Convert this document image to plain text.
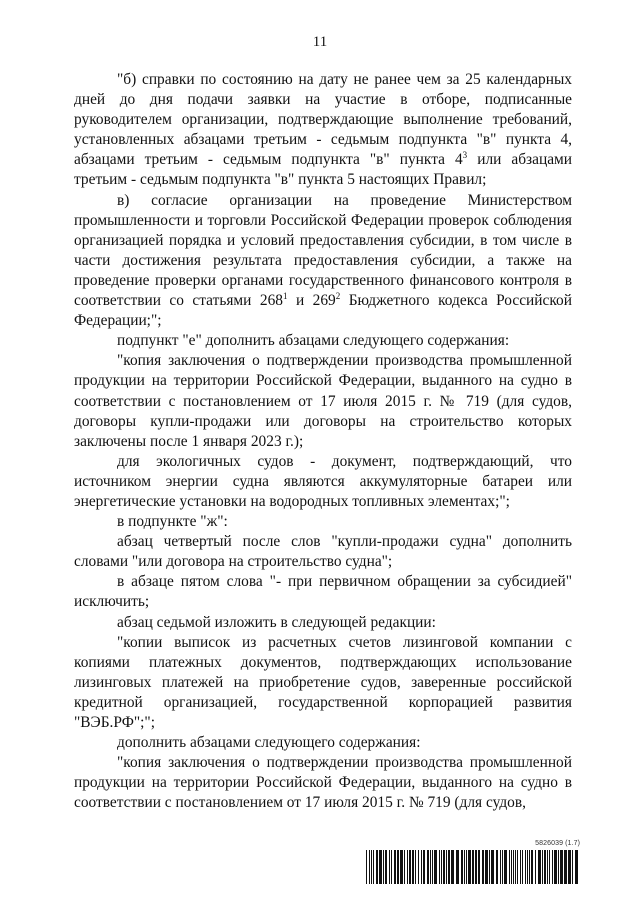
11

"б) справки по состоянию на дату не ранее чем за 25 календарных дней до дня подачи заявки на участие в отборе, подписанные руководителем организации, подтверждающие выполнение требований, установленных абзацами третьим - седьмым подпункта "в" пункта 4, абзацами третьим - седьмым подпункта "в" пункта $4^3$ или абзацами третьим - седьмым подпункта "в" пункта 5 настоящих Правил;

в) согласие организации на проведение Министерством промышленности и торговли Российской Федерации проверок соблюдения организацией порядка и условий предоставления субсидии, в том числе в части достижения результата предоставления субсидии, а также на проведение проверки органами государственного финансового контроля в соответствии со статьями $268^1$ и $269^2$ Бюджетного кодекса Российской Федерации;";

подпункт "е" дополнить абзацами следующего содержания:

"копия заключения о подтверждении производства промышленной продукции на территории Российской Федерации, выданного на судно в соответствии с постановлением от 17 июля 2015 г. № 719 (для судов, договоры купли-продажи или договоры на строительство которых заключены после 1 января 2023 г.);

для экологичных судов - документ, подтверждающий, что источником энергии судна являются аккумуляторные батареи или энергетические установки на водородных топливных элементах;";

в подпункте "ж":

абзац четвертый после слов "купли-продажи судна" дополнить словами "или договора на строительство судна";

в абзаце пятом слова "- при первичном обращении за субсидией" исключить;

абзац седьмой изложить в следующей редакции:

"копии выписок из расчетных счетов лизинговой компании с копиями платежных документов, подтверждающих использование лизинговых платежей на приобретение судов, заверенные российской кредитной организацией, государственной корпорацией развития "ВЭБ.РФ";";

дополнить абзацами следующего содержания:

"копия заключения о подтверждении производства промышленной продукции на территории Российской Федерации, выданного на судно в соответствии с постановлением от 17 июля 2015 г. № 719 (для судов,

5826039 (1.7)
